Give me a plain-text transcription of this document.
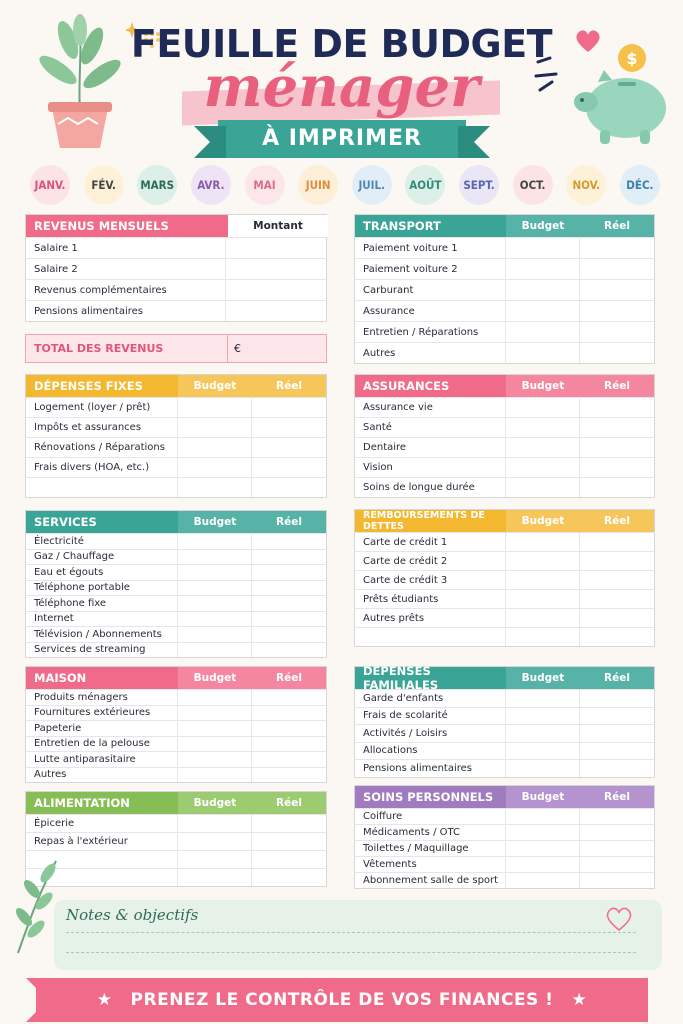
$
FEUILLE DE BUDGET
ménager
À IMPRIMER
JANV.	FÉV.	MARS	AVR.	MAI	JUIN	JUIL.	AOÛT	SEPT.	OCT.	NOV.	DÉC.
REVENUS MENSUELS	Montant
Salaire 1
Salaire 2
Revenus complémentaires
Pensions alimentaires
TOTAL DES REVENUS	€
DÉPENSES FIXES	Budget	Réel
Logement (loyer / prêt)
Impôts et assurances
Rénovations / Réparations
Frais divers (HOA, etc.)
SERVICES	Budget	Réel
Électricité
Gaz / Chauffage
Eau et égouts
Téléphone portable
Téléphone fixe
Internet
Télévision / Abonnements
Services de streaming
MAISON	Budget	Réel
Produits ménagers
Fournitures extérieures
Papeterie
Entretien de la pelouse
Lutte antiparasitaire
Autres
ALIMENTATION	Budget	Réel
Épicerie
Repas à l'extérieur
TRANSPORT	Budget	Réel
Paiement voiture 1
Paiement voiture 2
Carburant
Assurance
Entretien / Réparations
Autres
ASSURANCES	Budget	Réel
Assurance vie
Santé
Dentaire
Vision
Soins de longue durée
REMBOURSEMENTS DE DETTES	Budget	Réel
Carte de crédit 1
Carte de crédit 2
Carte de crédit 3
Prêts étudiants
Autres prêts
DÉPENSES FAMILIALES	Budget	Réel
Garde d'enfants
Frais de scolarité
Activités / Loisirs
Allocations
Pensions alimentaires
SOINS PERSONNELS	Budget	Réel
Coiffure
Médicaments / OTC
Toilettes / Maquillage
Vêtements
Abonnement salle de sport
Notes & objectifs
★ PRENEZ LE CONTRÔLE DE VOS FINANCES ! ★
